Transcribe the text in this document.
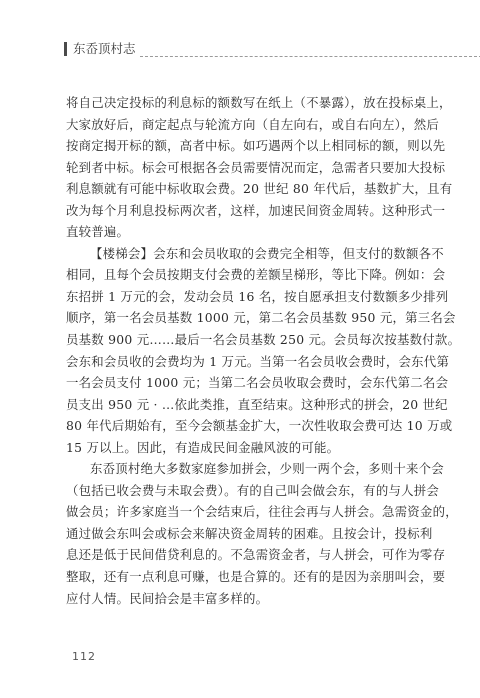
东岙顶村志
将自己决定投标的利息标的额数写在纸上（不暴露），放在投标桌上，
大家放好后，商定起点与轮流方向（自左向右，或自右向左），然后
按商定揭开标的额，高者中标。如巧遇两个以上相同标的额，则以先
轮到者中标。标会可根据各会员需要情况而定，急需者只要加大投标
利息额就有可能中标收取会费。20 世纪 80 年代后，基数扩大，且有
改为每个月利息投标两次者，这样，加速民间资金周转。这种形式一
直较普遍。
【楼梯会】会东和会员收取的会费完全相等，但支付的数额各不
相同，且每个会员按期支付会费的差额呈梯形，等比下降。例如：会
东招拼 1 万元的会，发动会员 16 名，按自愿承担支付数额多少排列
顺序，第一名会员基数 1000 元，第二名会员基数 950 元，第三名会
员基数 900 元……最后一名会员基数 250 元。会员每次按基数付款。
会东和会员收的会费均为 1 万元。当第一名会员收会费时，会东代第
一名会员支付 1000 元；当第二名会员收取会费时，会东代第二名会
员支出 950 元 · …依此类推，直至结束。这种形式的拼会，20 世纪
80 年代后期始有，至今会额基金扩大，一次性收取会费可达 10 万或
15 万以上。因此，有造成民间金融风波的可能。
东岙顶村绝大多数家庭参加拼会，少则一两个会，多则十来个会
（包括已收会费与未取会费）。有的自己叫会做会东，有的与人拼会
做会员；许多家庭当一个会结束后，往往会再与人拼会。急需资金的，
通过做会东叫会或标会来解决资金周转的困难。且按会计，投标利
息还是低于民间借贷利息的。不急需资金者，与人拼会，可作为零存
整取，还有一点利息可赚，也是合算的。还有的是因为亲朋叫会，要
应付人情。民间拾会是丰富多样的。
112
